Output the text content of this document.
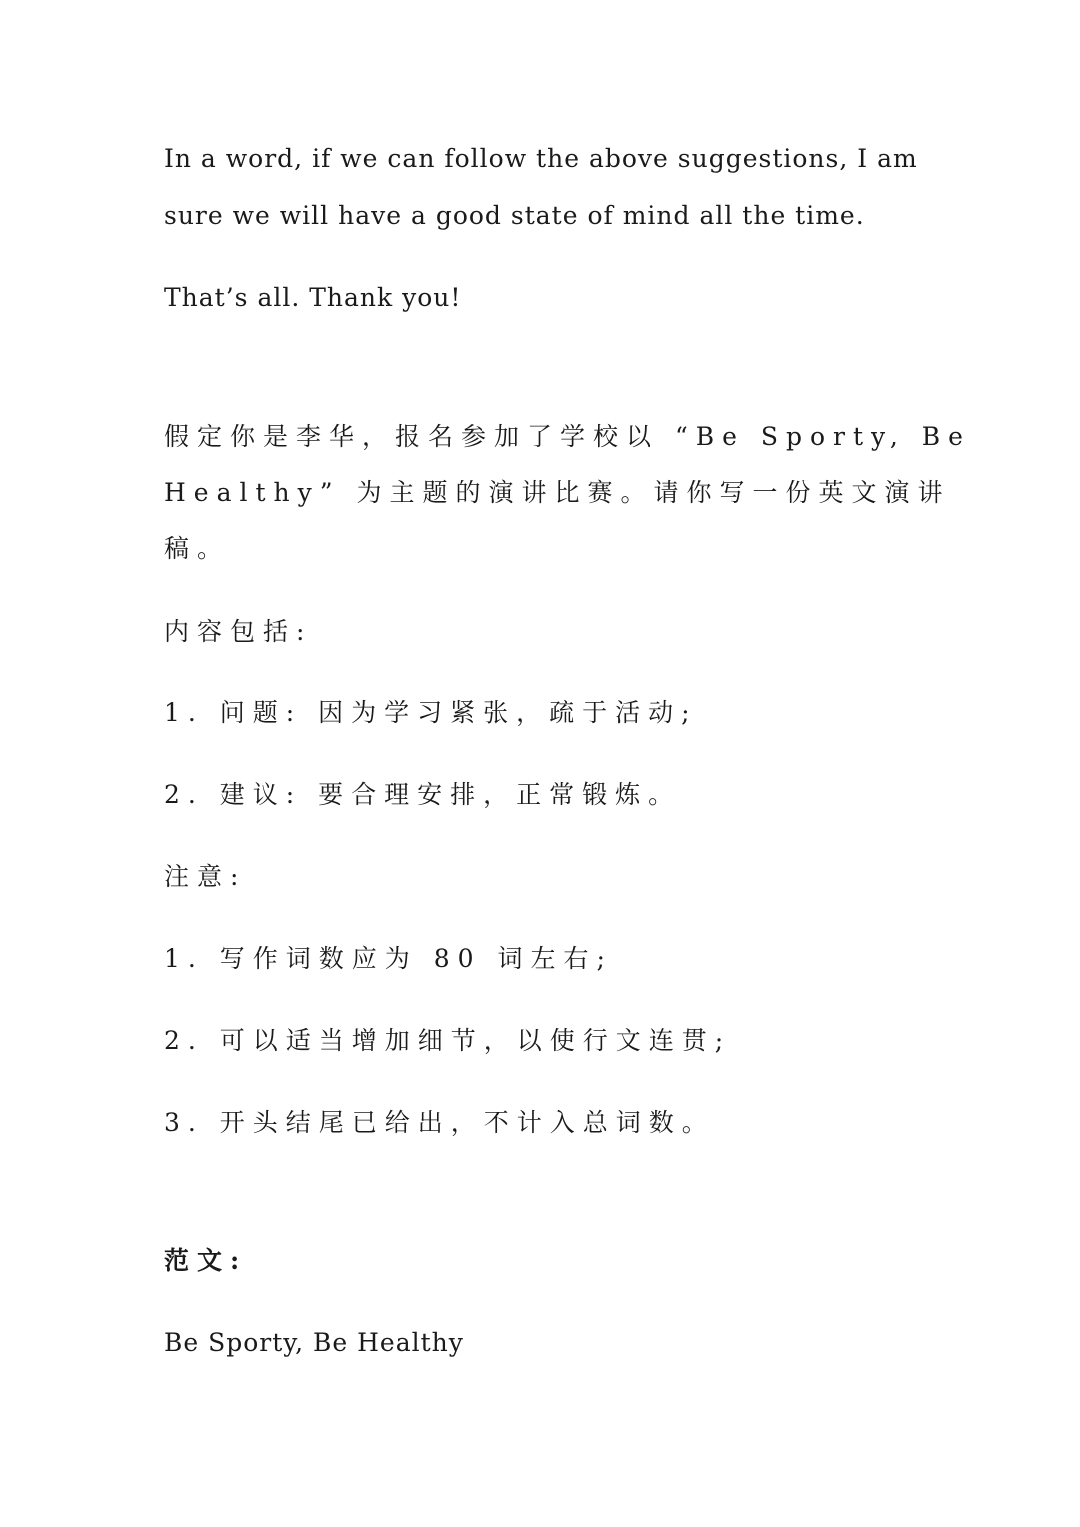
In a word, if we can follow the above suggestions, I am
sure we will have a good state of mind all the time.
That’s all. Thank you!
假定你是李华，报名参加了学校以 “Be Sporty, Be
Healthy” 为主题的演讲比赛。请你写一份英文演讲
稿。
内容包括:
1. 问题: 因为学习紧张，疏于活动;
2. 建议: 要合理安排，正常锻炼。
注意:
1. 写作词数应为 80 词左右;
2. 可以适当增加细节，以使行文连贯;
3. 开头结尾已给出，不计入总词数。
范文:
Be Sporty, Be Healthy
